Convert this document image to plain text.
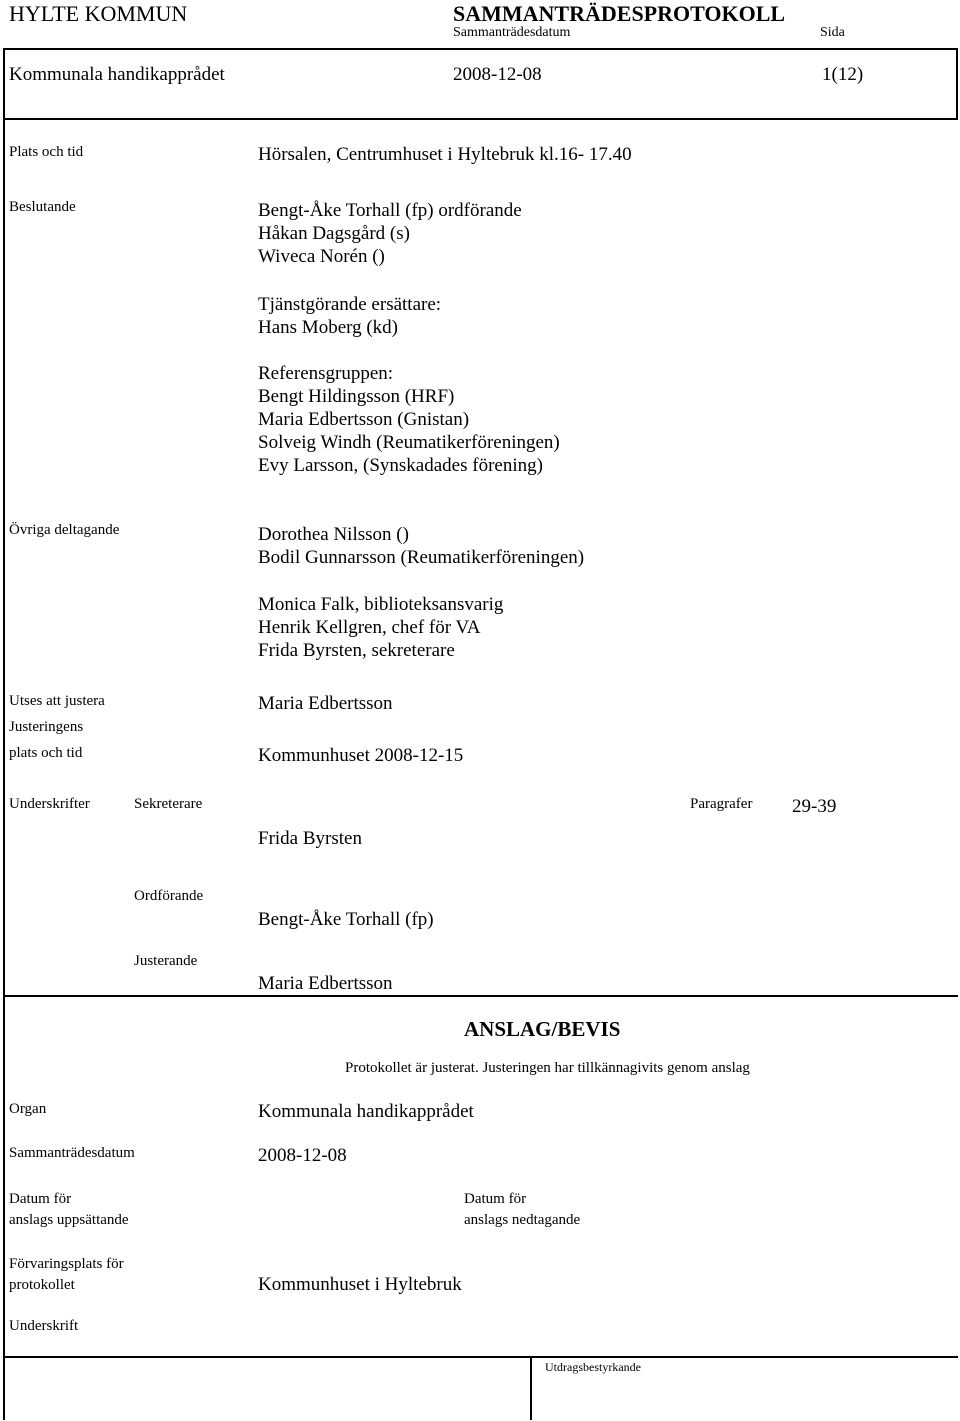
HYLTE KOMMUN	SAMMANTRÄDESPROTOKOLL
Sammanträdesdatum	Sida
Kommunala handikapprådet	2008-12-08	1(12)
Plats och tid	Hörsalen, Centrumhuset i Hyltebruk kl.16- 17.40
Beslutande	Bengt-Åke Torhall (fp) ordförande
Håkan Dagsgård (s)
Wiveca Norén ()
Tjänstgörande ersättare:
Hans Moberg (kd)
Referensgruppen:
Bengt Hildingsson (HRF)
Maria Edbertsson (Gnistan)
Solveig Windh (Reumatikerföreningen)
Evy Larsson, (Synskadades förening)
Övriga deltagande	Dorothea Nilsson ()
Bodil Gunnarsson (Reumatikerföreningen)
Monica Falk, biblioteksansvarig
Henrik Kellgren, chef för VA
Frida Byrsten, sekreterare
Utses att justera	Maria Edbertsson
Justeringens
plats och tid	Kommunhuset 2008-12-15
Underskrifter	Sekreterare	Paragrafer 29-39
Frida Byrsten
Ordförande
Bengt-Åke Torhall (fp)
Justerande
Maria Edbertsson
ANSLAG/BEVIS
Protokollet är justerat. Justeringen har tillkännagivits genom anslag
Organ	Kommunala handikapprådet
Sammanträdesdatum	2008-12-08
Datum för
anslags uppsättande
Datum för
anslags nedtagande
Förvaringsplats för
protokollet	Kommunhuset i Hyltebruk
Underskrift
Utdragsbestyrkande
